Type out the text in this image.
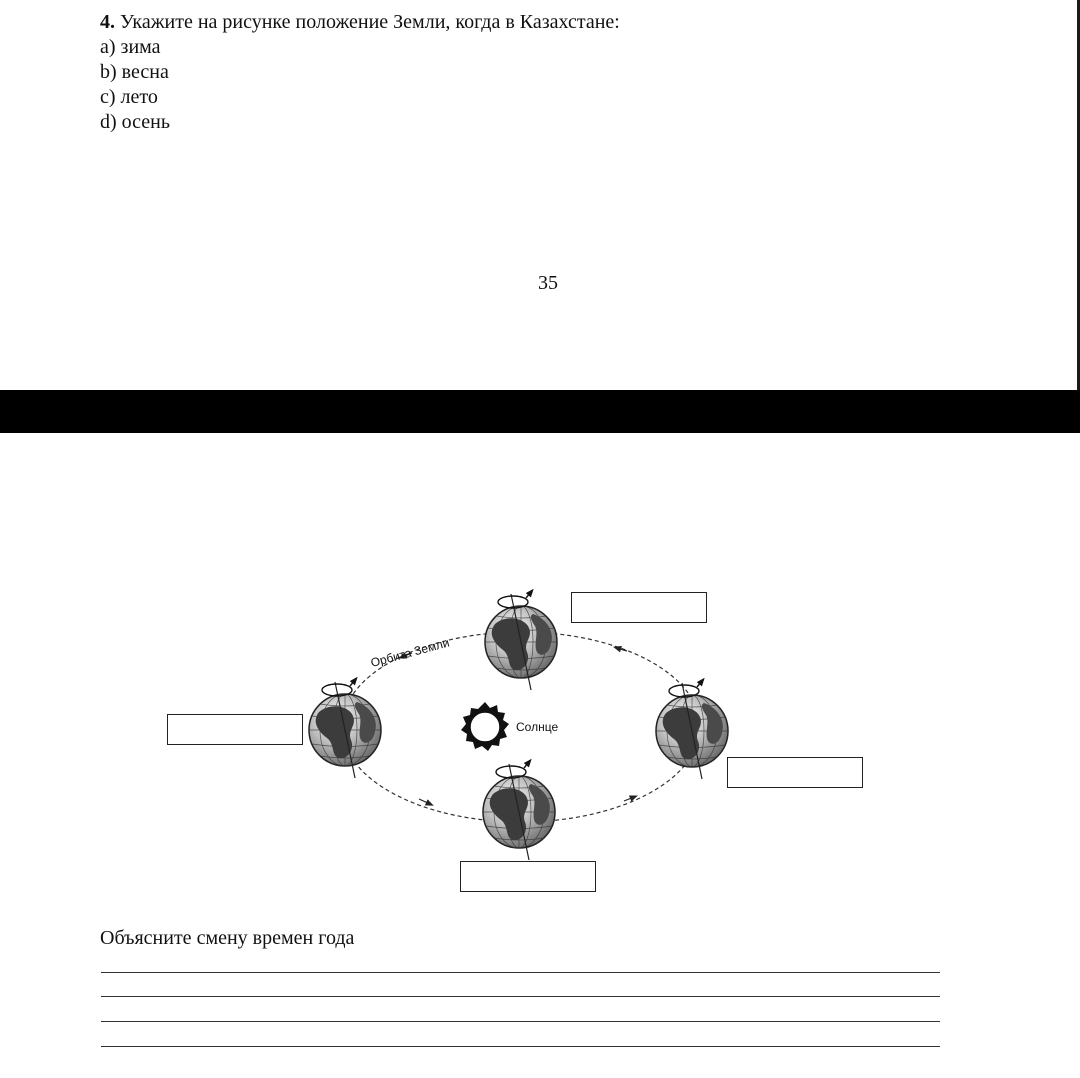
4. Укажите на рисунке положение Земли, когда в Казахстане:
a) зима
b) весна
c) лето
d) осень
35
Орбита Земли
Солнце
Объясните смену времен года
